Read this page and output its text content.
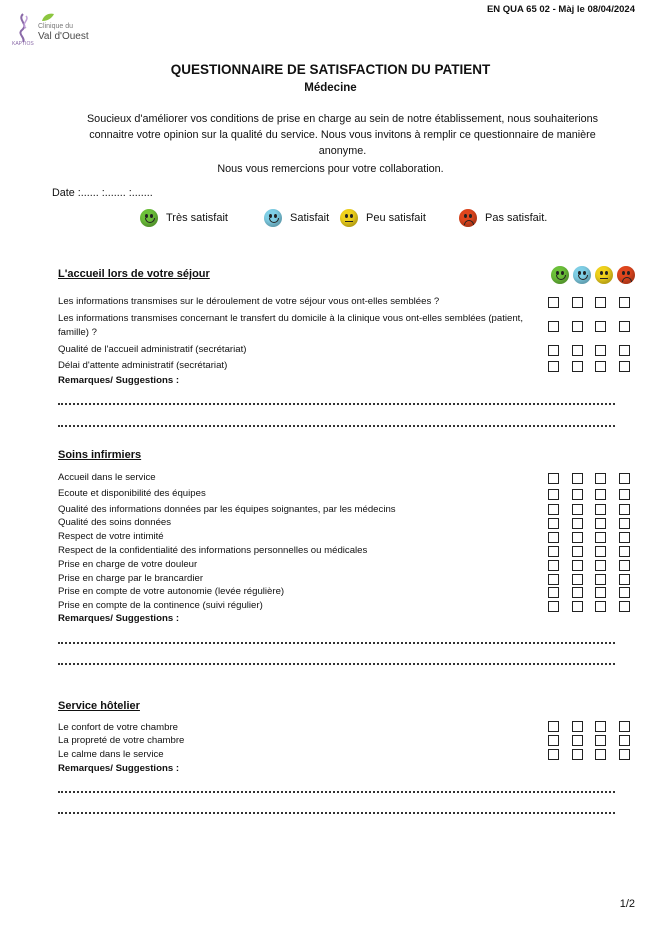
EN QUA 65 02 - Màj le 08/04/2024
KAPTIOS
Clinique du
Val d'Ouest
QUESTIONNAIRE DE SATISFACTION DU PATIENT
Médecine
Soucieux d'améliorer vos conditions de prise en charge au sein de notre établissement, nous souhaiterions connaitre votre opinion sur la qualité du service. Nous vous invitons à remplir ce questionnaire de manière anonyme.
Nous vous remercions pour votre collaboration.
Date :...... :....... :.......
Très satisfait	Satisfait	Peu satisfait	Pas satisfait.
L'accueil lors de votre séjour
Les informations transmises sur le déroulement de votre séjour vous ont-elles semblées ?
Les informations transmises concernant le transfert du domicile à la clinique vous ont-elles semblées (patient, famille) ?
Qualité de l'accueil administratif (secrétariat)
Délai d'attente administratif (secrétariat)
Remarques/ Suggestions :
Soins infirmiers
Accueil dans le service
Ecoute et disponibilité des équipes
Qualité des informations données par les équipes soignantes, par les médecins
Qualité des soins données
Respect de votre intimité
Respect de la confidentialité des informations personnelles ou médicales
Prise en charge de votre douleur
Prise en charge par le brancardier
Prise en compte de votre autonomie (levée régulière)
Prise en compte de la continence (suivi régulier)
Remarques/ Suggestions :
Service hôtelier
Le confort de votre chambre
La propreté de votre chambre
Le calme dans le service
Remarques/ Suggestions :
1/2
